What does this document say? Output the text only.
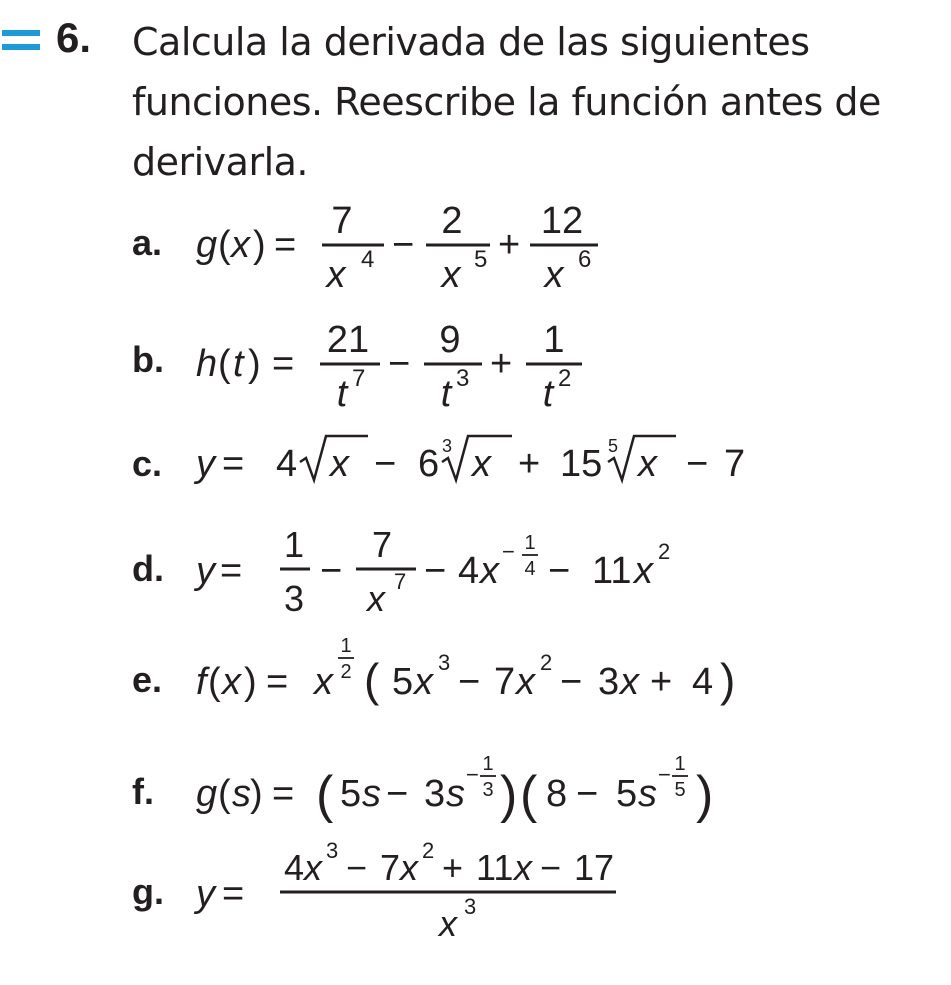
6. Calcula la derivada de las siguientes
funciones. Reescribe la función antes de
derivarla.
a. g ( x ) =
7
x 4 −
2
x 5 +
12
x 6
b. h ( t ) =
21
t 7 −
9
t 3 +
1
t 2
c. y = 4 x − 6 3 x + 15 5 x − 7
d. y =
1
3
−
7
x 7 − 4 x − 1
4 − 11 x 2
e. f ( x ) = x
1
2 ( 5 x 3 − 7 x 2 − 3 x + 4 )
f. g ( s ) = ( 5 s − 3 s − 1
3 ) ( 8 − 5 s − 1
5 )
g. y =
4 x 3 − 7 x 2 + 11 x − 17
x 3
